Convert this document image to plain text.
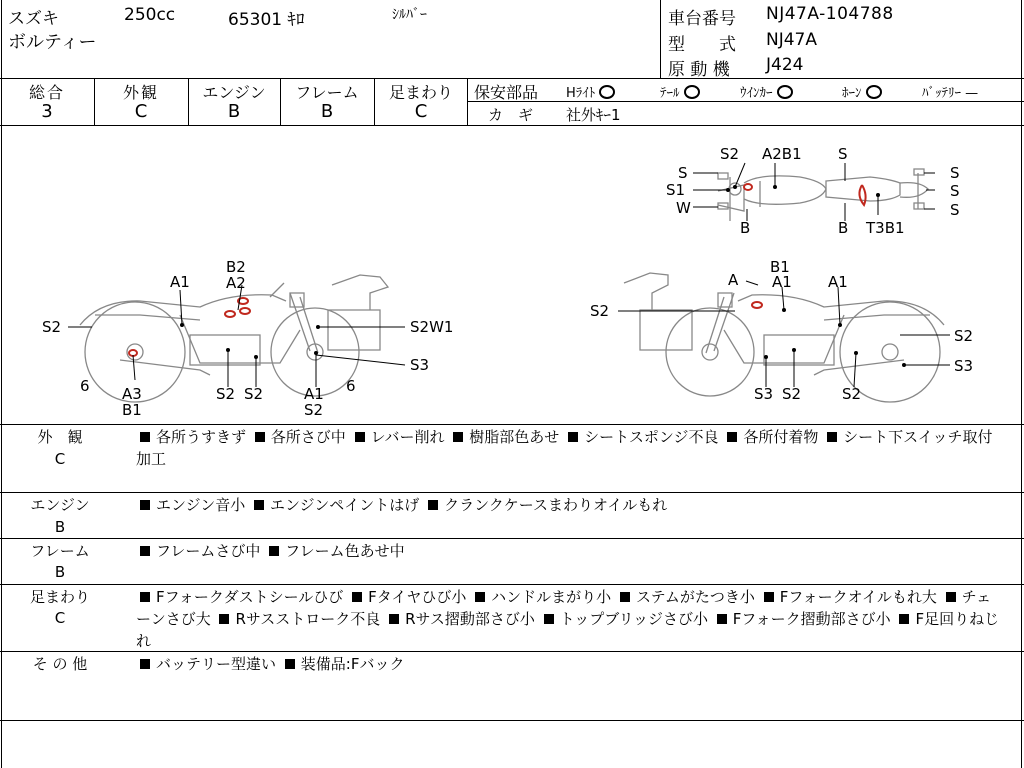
スズキ	250cc	65301 ｷﾛ	ｼﾙﾊﾞｰ
ボルティー
車台番号 NJ47A-104788
型　　式 NJ47A
原 動 機 J424
総合
3
外観
C
エンジン
B
フレーム
B
足まわり
C
保安部品 Hﾗｲﾄ	ﾃｰﾙ	ｳｲﾝｶｰ	ﾎｰﾝ	ﾊﾞｯﾃﾘｰ —
カ　ギ 社外ｷｰ1
S2 A2B1 S
S
S1
W
B	B T3B1
S
S
S
B2
A2
A1
S2	S2W1
S3
6 A3
B1
S2 S2	A1
S2
6
B1
A A1 A1
S2
S2
S3
S3 S2	S2
外　観
C
各所うすきず 各所さび中 レバー削れ 樹脂部色あせ シートスポンジ不良 各所付着物 シート下スイッチ取付加工
エンジン
B
エンジン音小 エンジンペイントはげ クランクケースまわりオイルもれ
フレーム
B
フレームさび中 フレーム色あせ中
足まわり
C
Fフォークダストシールひび Fタイヤひび小 ハンドルまがり小 ステムがたつき小 Fフォークオイルもれ大 チェーンさび大 Rサスストローク不良 Rサス摺動部さび小 トップブリッジさび小 Fフォーク摺動部さび小 F足回りねじれ
そ の 他	バッテリー型違い 装備品:Fバック
